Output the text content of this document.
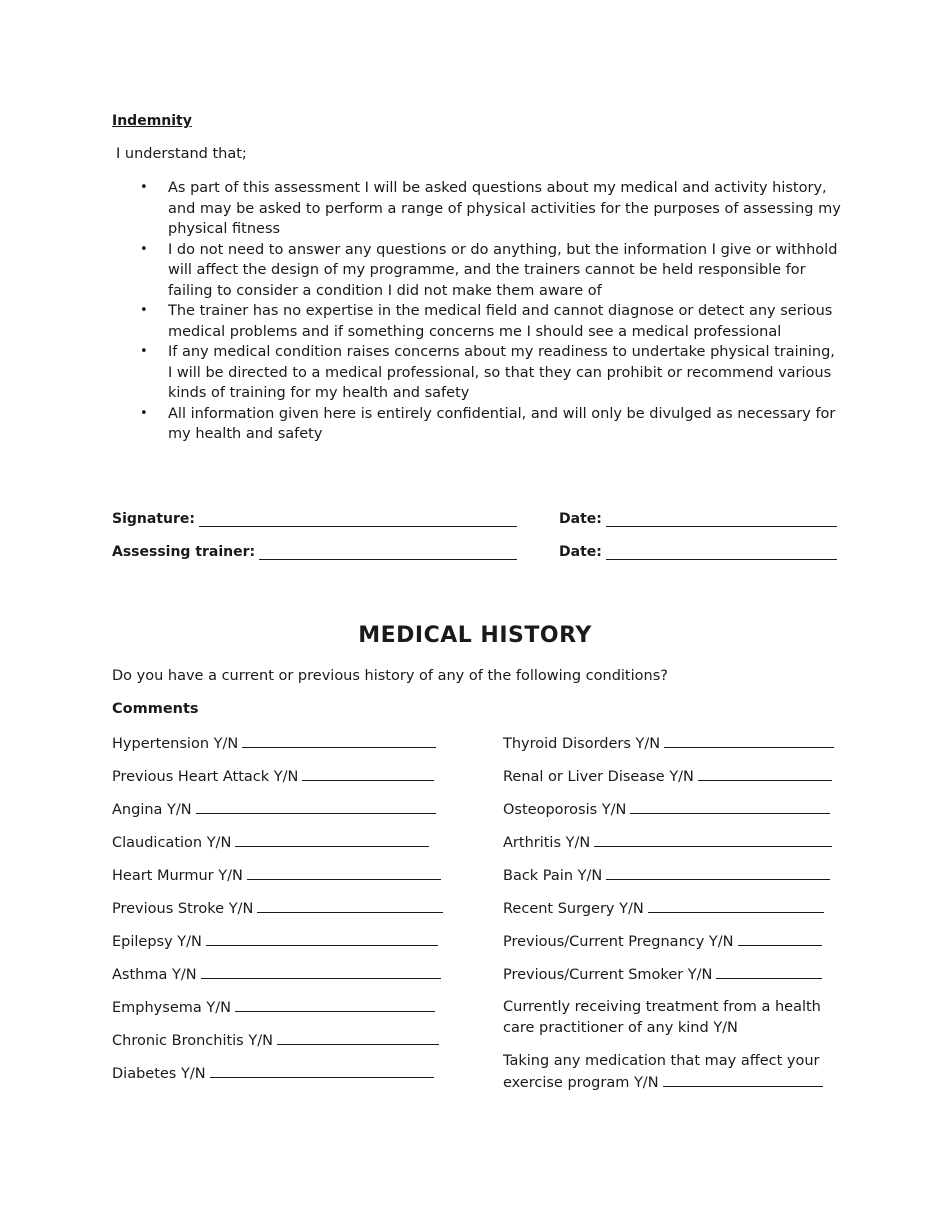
Indemnity
I understand that;
• As part of this assessment I will be asked questions about my medical and activity history, and may be asked to perform a range of physical activities for the purposes of assessing my physical fitness
• I do not need to answer any questions or do anything, but the information I give or withhold will affect the design of my programme, and the trainers cannot be held responsible for failing to consider a condition I did not make them aware of
• The trainer has no expertise in the medical field and cannot diagnose or detect any serious medical problems and if something concerns me I should see a medical professional
• If any medical condition raises concerns about my readiness to undertake physical training, I will be directed to a medical professional, so that they can prohibit or recommend various kinds of training for my health and safety
• All information given here is entirely confidential, and will only be divulged as necessary for my health and safety
Signature:	Date:
Assessing trainer:	Date:
MEDICAL HISTORY
Do you have a current or previous history of any of the following conditions?
Comments
Hypertension Y/N
Previous Heart Attack Y/N
Angina Y/N
Claudication Y/N
Heart Murmur Y/N
Previous Stroke Y/N
Epilepsy Y/N
Asthma Y/N
Emphysema Y/N
Chronic Bronchitis Y/N
Diabetes Y/N
Thyroid Disorders Y/N
Renal or Liver Disease Y/N
Osteoporosis Y/N
Arthritis Y/N
Back Pain Y/N
Recent Surgery Y/N
Previous/Current Pregnancy Y/N
Previous/Current Smoker Y/N
Currently receiving treatment from a health care practitioner of any kind Y/N
Taking any medication that may affect your exercise program Y/N
